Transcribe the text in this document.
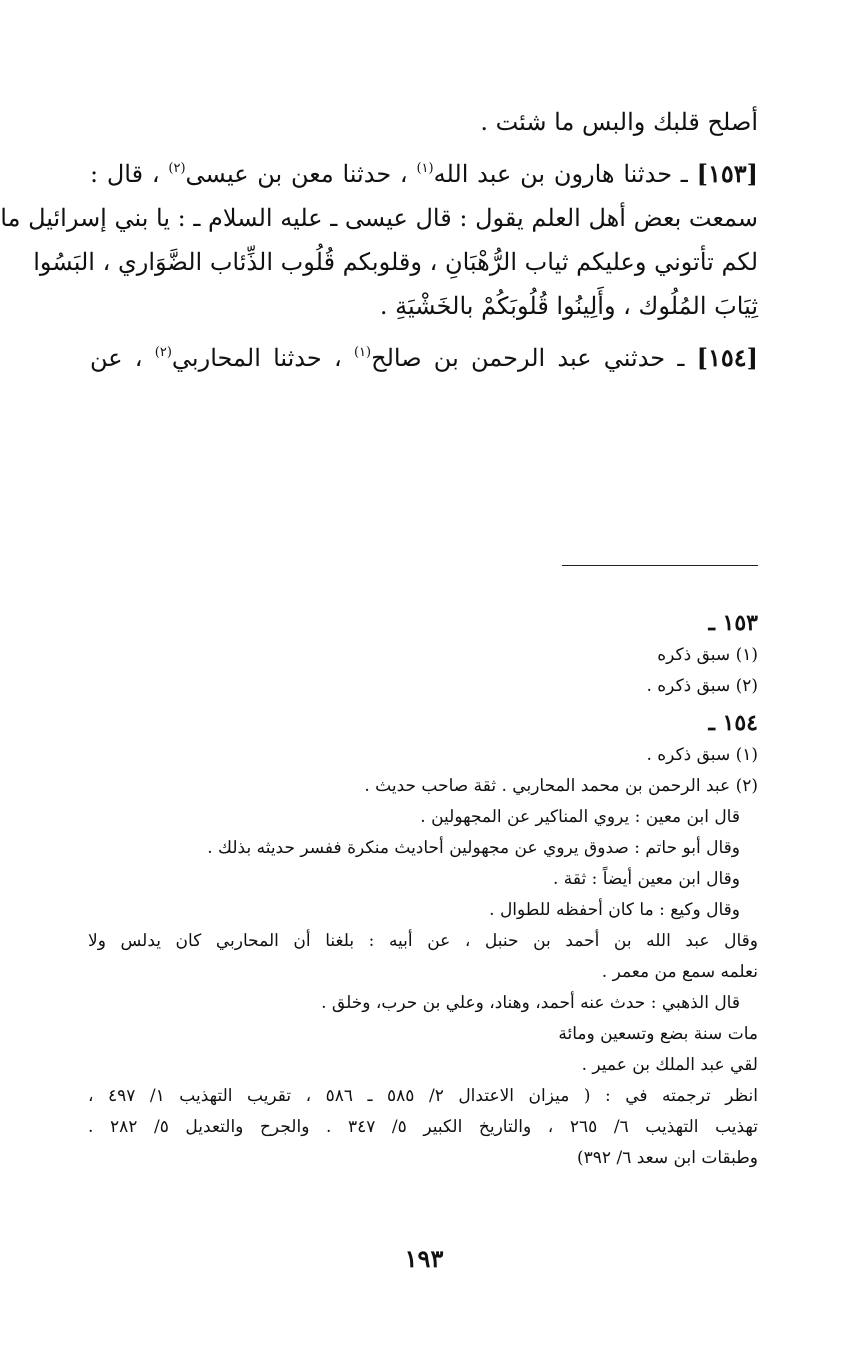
أصلح قلبك والبس ما شئت .
[١٥٣] ـ حدثنا هارون بن عبد الله$^{(١)}$ ، حدثنا معن بن عيسى$^{(٢)}$ ، قال :
سمعت بعض أهل العلم يقول : قال عيسى ـ عليه السلام ـ : يا بني إسرائيل ما
لكم تأتوني وعليكم ثياب الرُّهْبَانِ ، وقلوبكم قُلُوب الذِّئاب الضَّوَاري ، البَسُوا
ثِيَابَ المُلُوك ، وأَلِينُوا قُلُوبَكُمْ بالخَشْيَةِ .
[١٥٤] ـ حدثني عبد الرحمن بن صالح$^{(١)}$ ، حدثنا المحاربي$^{(٢)}$ ، عن
١٥٣ ـ
(١) سبق ذكره
(٢) سبق ذكره .
١٥٤ ـ
(١) سبق ذكره .
(٢) عبد الرحمن بن محمد المحاربي . ثقة صاحب حديث .
قال ابن معين : يروي المناكير عن المجهولين .
وقال أبو حاتم : صدوق يروي عن مجهولين أحاديث منكرة ففسر حديثه بذلك .
وقال ابن معين أيضاً : ثقة .
وقال وكيع : ما كان أحفظه للطوال .
وقال عبد الله بن أحمد بن حنبل ، عن أبيه : بلغنا أن المحاربي كان يدلس ولا
نعلمه سمع من معمر .
قال الذهبي : حدث عنه أحمد، وهناد، وعلي بن حرب، وخلق .
مات سنة بضع وتسعين ومائة
لقي عبد الملك بن عمير .
انظر ترجمته في : ( ميزان الاعتدال ٢/ ٥٨٥ ـ ٥٨٦ ، تقريب التهذيب ١/ ٤٩٧ ،
تهذيب التهذيب ٦/ ٢٦٥ ، والتاريخ الكبير ٥/ ٣٤٧ . والجرح والتعديل ٥/ ٢٨٢ .
وطبقات ابن سعد ٦/ ٣٩٢)
١٩٣
